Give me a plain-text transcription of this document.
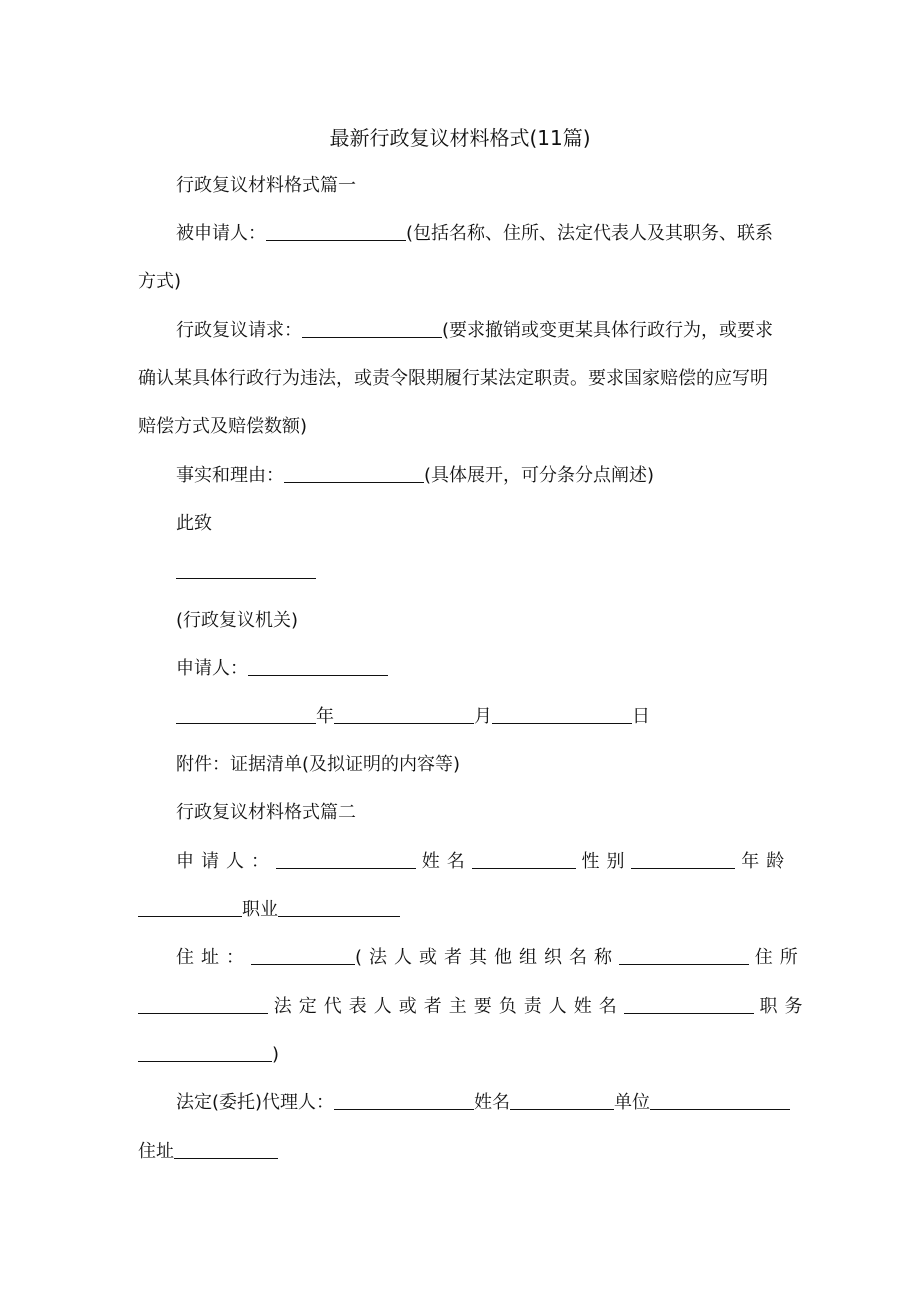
最新行政复议材料格式(11篇)
行政复议材料格式篇一
被申请人：	(包括名称、住所、法定代表人及其职务、联系
方式)
行政复议请求：	(要求撤销或变更某具体行政行为，或要求
确认某具体行政行为违法，或责令限期履行某法定职责。要求国家赔偿的应写明
赔偿方式及赔偿数额)
事实和理由：	(具体展开，可分条分点阐述)
此致
(行政复议机关)
申请人：
年	月	日
附件：证据清单(及拟证明的内容等)
行政复议材料格式篇二
申请人：	姓名	性别	年龄
职业
住址：	(法人或者其他组织名称	住所
法定代表人或者主要负责人姓名	职务
)
法定(委托)代理人：	姓名	单位
住址
